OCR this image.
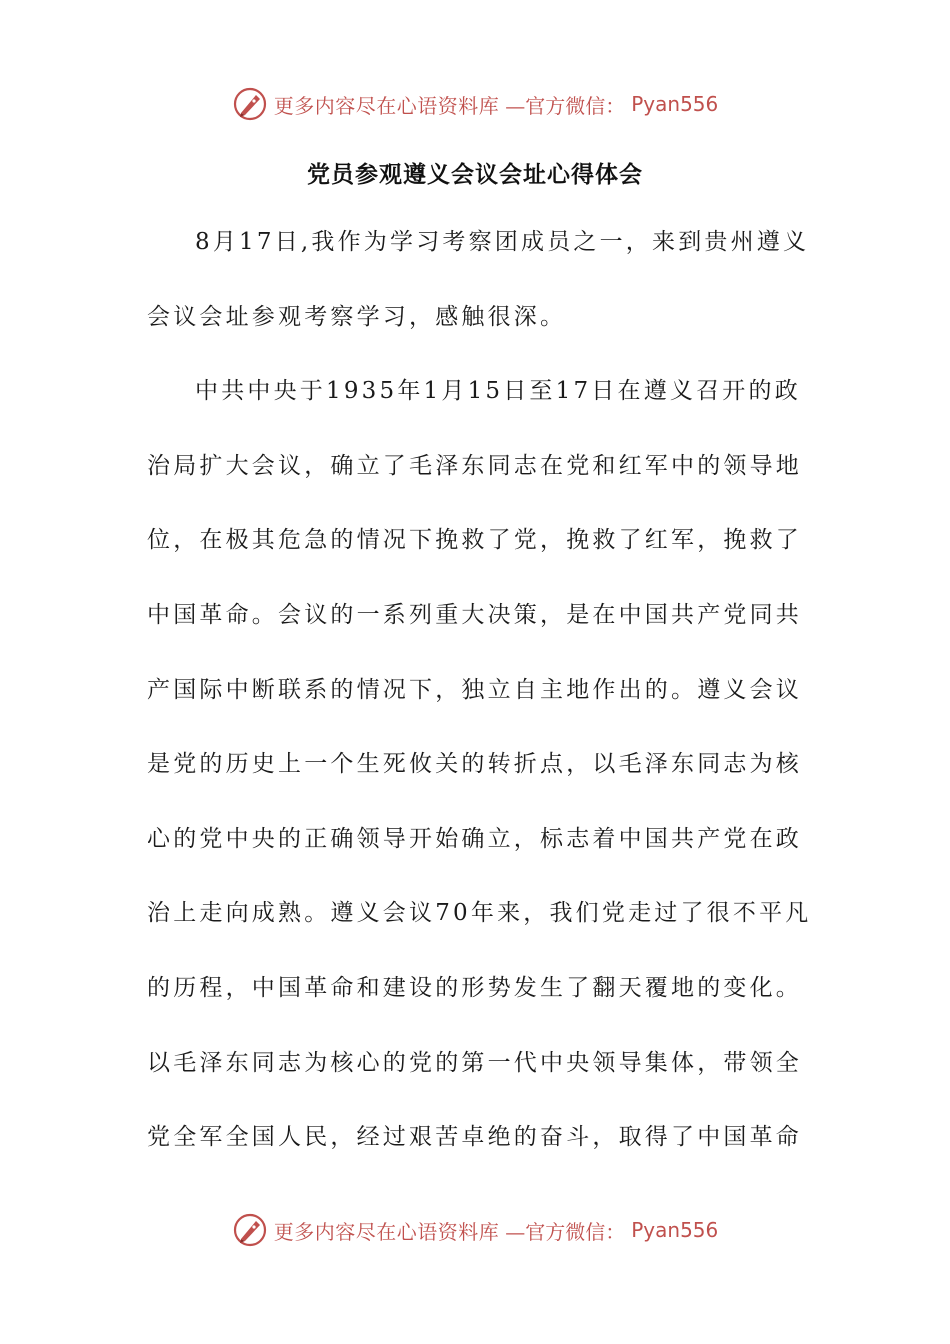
更多内容尽在心语资料库 —官方微信： Pyan556
党员参观遵义会议会址心得体会
8月17日,我作为学习考察团成员之一，来到贵州遵义
会议会址参观考察学习，感触很深。
中共中央于1935年1月15日至17日在遵义召开的政
治局扩大会议，确立了毛泽东同志在党和红军中的领导地
位，在极其危急的情况下挽救了党，挽救了红军，挽救了
中国革命。会议的一系列重大决策，是在中国共产党同共
产国际中断联系的情况下，独立自主地作出的。遵义会议
是党的历史上一个生死攸关的转折点，以毛泽东同志为核
心的党中央的正确领导开始确立，标志着中国共产党在政
治上走向成熟。遵义会议70年来，我们党走过了很不平凡
的历程，中国革命和建设的形势发生了翻天覆地的变化。
以毛泽东同志为核心的党的第一代中央领导集体，带领全
党全军全国人民，经过艰苦卓绝的奋斗，取得了中国革命
更多内容尽在心语资料库 —官方微信： Pyan556
